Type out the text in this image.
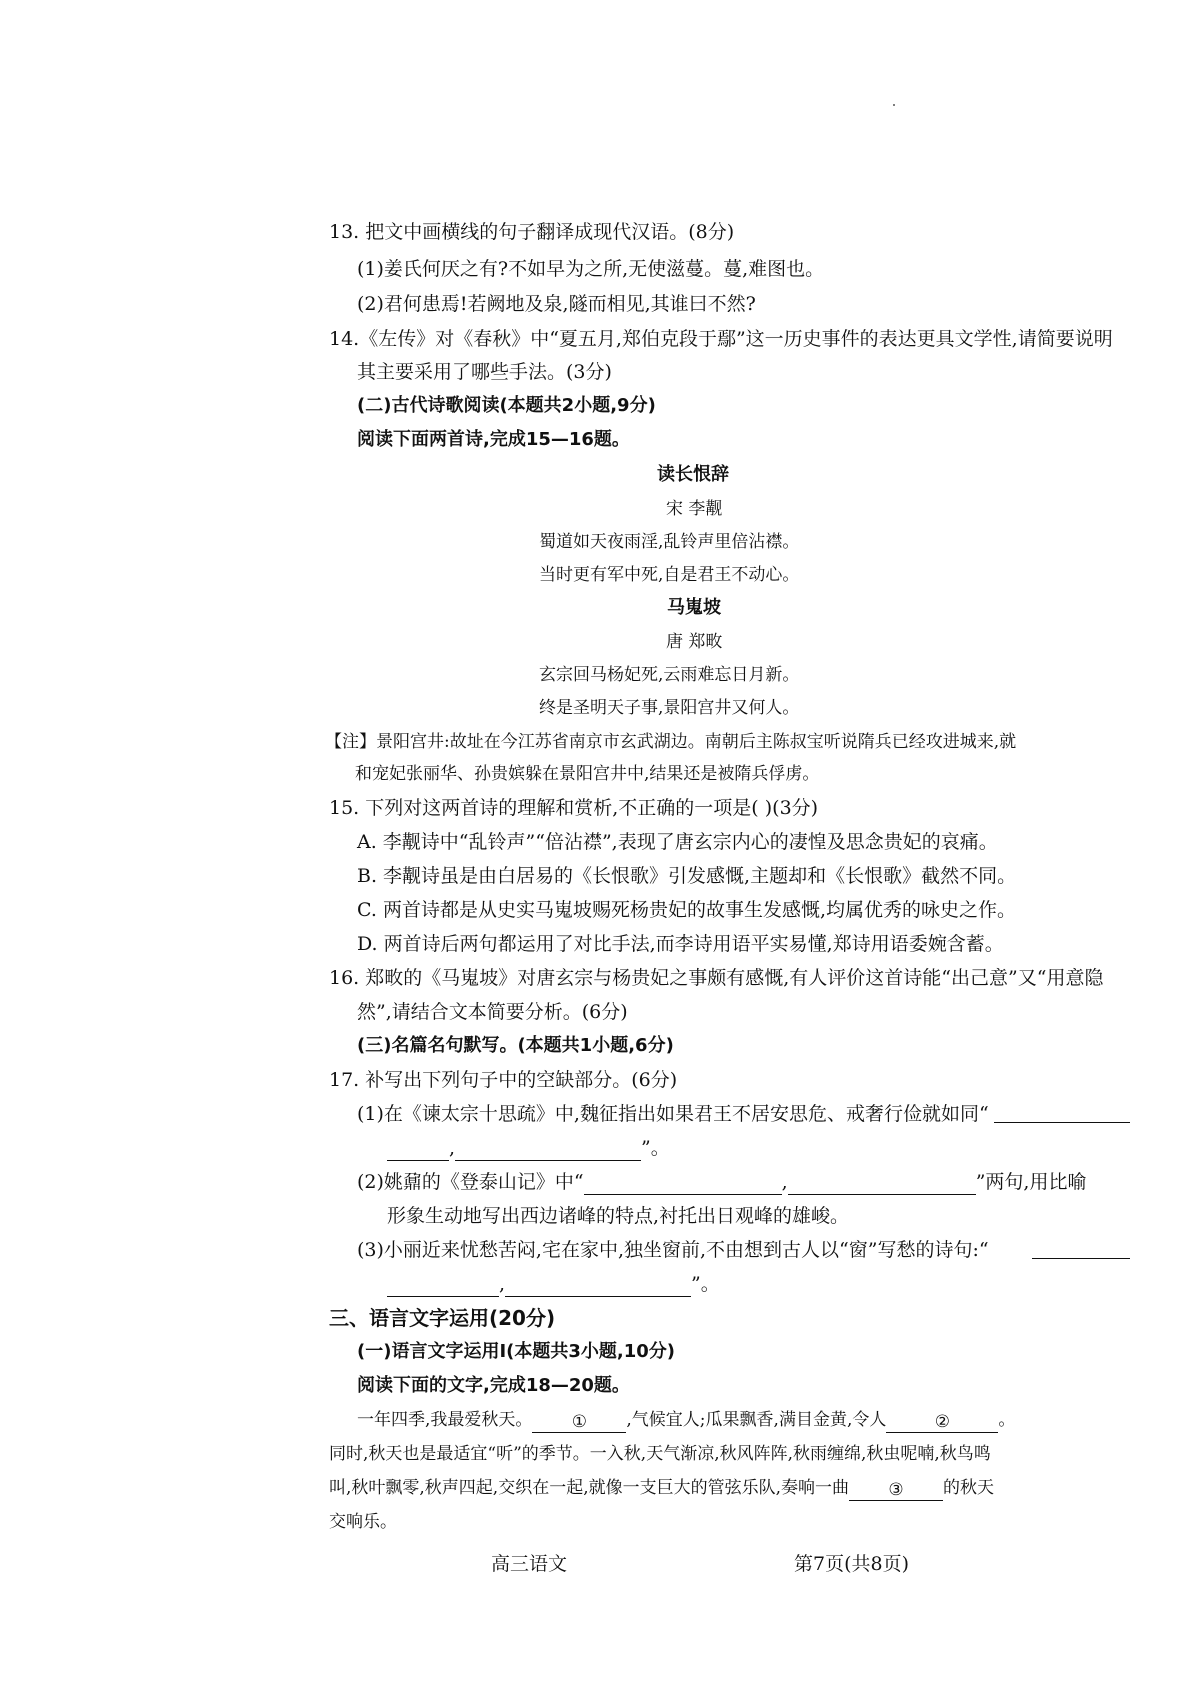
13. 把文中画横线的句子翻译成现代汉语。(8分)
(1)姜氏何厌之有?不如早为之所,无使滋蔓。蔓,难图也。
(2)君何患焉!若阙地及泉,隧而相见,其谁曰不然?
14.《左传》对《春秋》中“夏五月,郑伯克段于鄢”这一历史事件的表达更具文学性,请简要说明
其主要采用了哪些手法。(3分)
(二)古代诗歌阅读(本题共2小题,9分)
阅读下面两首诗,完成15—16题。
读长恨辞
宋 李觏
蜀道如天夜雨淫,乱铃声里倍沾襟。
当时更有军中死,自是君王不动心。
马嵬坡
唐 郑畋
玄宗回马杨妃死,云雨难忘日月新。
终是圣明天子事,景阳宫井又何人。
【注】景阳宫井:故址在今江苏省南京市玄武湖边。南朝后主陈叔宝听说隋兵已经攻进城来,就
和宠妃张丽华、孙贵嫔躲在景阳宫井中,结果还是被隋兵俘虏。
15. 下列对这两首诗的理解和赏析,不正确的一项是( )(3分)
A. 李觏诗中“乱铃声”“倍沾襟”,表现了唐玄宗内心的凄惶及思念贵妃的哀痛。
B. 李觏诗虽是由白居易的《长恨歌》引发感慨,主题却和《长恨歌》截然不同。
C. 两首诗都是从史实马嵬坡赐死杨贵妃的故事生发感慨,均属优秀的咏史之作。
D. 两首诗后两句都运用了对比手法,而李诗用语平实易懂,郑诗用语委婉含蓄。
16. 郑畋的《马嵬坡》对唐玄宗与杨贵妃之事颇有感慨,有人评价这首诗能“出己意”又“用意隐
然”,请结合文本简要分析。(6分)
(三)名篇名句默写。(本题共1小题,6分)
17. 补写出下列句子中的空缺部分。(6分)
(1)在《谏太宗十思疏》中,魏征指出如果君王不居安思危、戒奢行俭就如同“
,	”。
(2)姚鼐的《登泰山记》中“	,	”两句,用比喻
形象生动地写出西边诸峰的特点,衬托出日观峰的雄峻。
(3)小丽近来忧愁苦闷,宅在家中,独坐窗前,不由想到古人以“窗”写愁的诗句:“
,	”。
三、语言文字运用(20分)
(一)语言文字运用Ⅰ(本题共3小题,10分)
阅读下面的文字,完成18—20题。
一年四季,我最爱秋天。 ① ,气候宜人;瓜果飘香,满目金黄,令人	②	。
同时,秋天也是最适宜“听”的季节。一入秋,天气渐凉,秋风阵阵,秋雨缠绵,秋虫呢喃,秋鸟鸣
叫,秋叶飘零,秋声四起,交织在一起,就像一支巨大的管弦乐队,奏响一曲 ③ 的秋天
交响乐。
高三语文	第7页(共8页)
